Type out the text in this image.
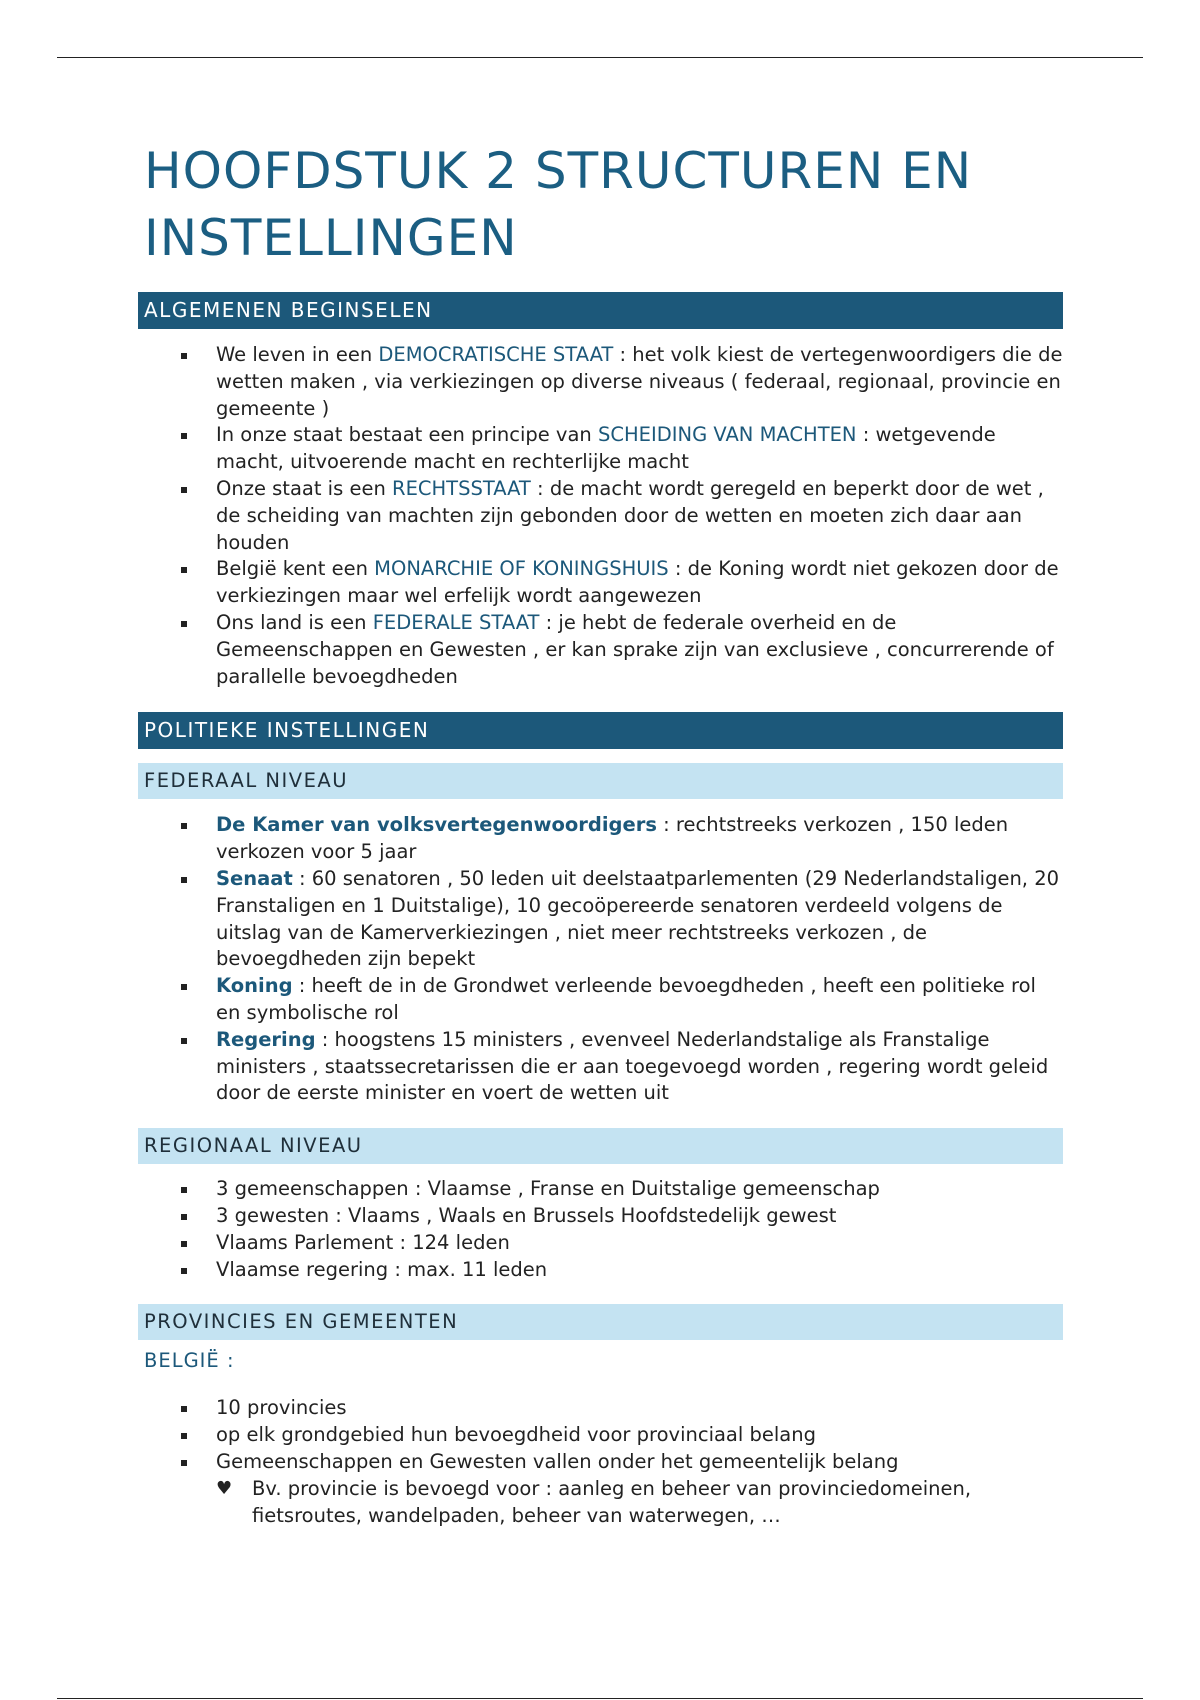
HOOFDSTUK 2 STRUCTUREN EN INSTELLINGEN
ALGEMENEN BEGINSELEN
We leven in een DEMOCRATISCHE STAAT : het volk kiest de vertegenwoordigers die de wetten maken , via verkiezingen op diverse niveaus ( federaal, regionaal, provincie en gemeente )
In onze staat bestaat een principe van SCHEIDING VAN MACHTEN : wetgevende macht, uitvoerende macht en rechterlijke macht
Onze staat is een RECHTSSTAAT : de macht wordt geregeld en beperkt door de wet , de scheiding van machten zijn gebonden door de wetten en moeten zich daar aan houden
België kent een MONARCHIE OF KONINGSHUIS : de Koning wordt niet gekozen door de verkiezingen maar wel erfelijk wordt aangewezen
Ons land is een FEDERALE STAAT : je hebt de federale overheid en de Gemeenschappen en Gewesten , er kan sprake zijn van exclusieve , concurrerende of parallelle bevoegdheden
POLITIEKE INSTELLINGEN
FEDERAAL NIVEAU
De Kamer van volksvertegenwoordigers : rechtstreeks verkozen , 150 leden verkozen voor 5 jaar
Senaat : 60 senatoren , 50 leden uit deelstaatparlementen (29 Nederlandstaligen, 20 Franstaligen en 1 Duitstalige), 10 gecoöpereerde senatoren verdeeld volgens de uitslag van de Kamerverkiezingen , niet meer rechtstreeks verkozen , de bevoegdheden zijn bepekt
Koning : heeft de in de Grondwet verleende bevoegdheden , heeft een politieke rol en symbolische rol
Regering : hoogstens 15 ministers , evenveel Nederlandstalige als Franstalige ministers , staatssecretarissen die er aan toegevoegd worden , regering wordt geleid door de eerste minister en voert de wetten uit
REGIONAAL NIVEAU
3 gemeenschappen : Vlaamse , Franse en Duitstalige gemeenschap
3 gewesten : Vlaams , Waals en Brussels Hoofdstedelijk gewest
Vlaams Parlement : 124 leden
Vlaamse regering : max. 11 leden
PROVINCIES EN GEMEENTEN
BELGIË :
10 provincies
op elk grondgebied hun bevoegdheid voor provinciaal belang
Gemeenschappen en Gewesten vallen onder het gemeentelijk belang
♥ Bv. provincie is bevoegd voor : aanleg en beheer van provinciedomeinen, fietsroutes, wandelpaden, beheer van waterwegen, …
